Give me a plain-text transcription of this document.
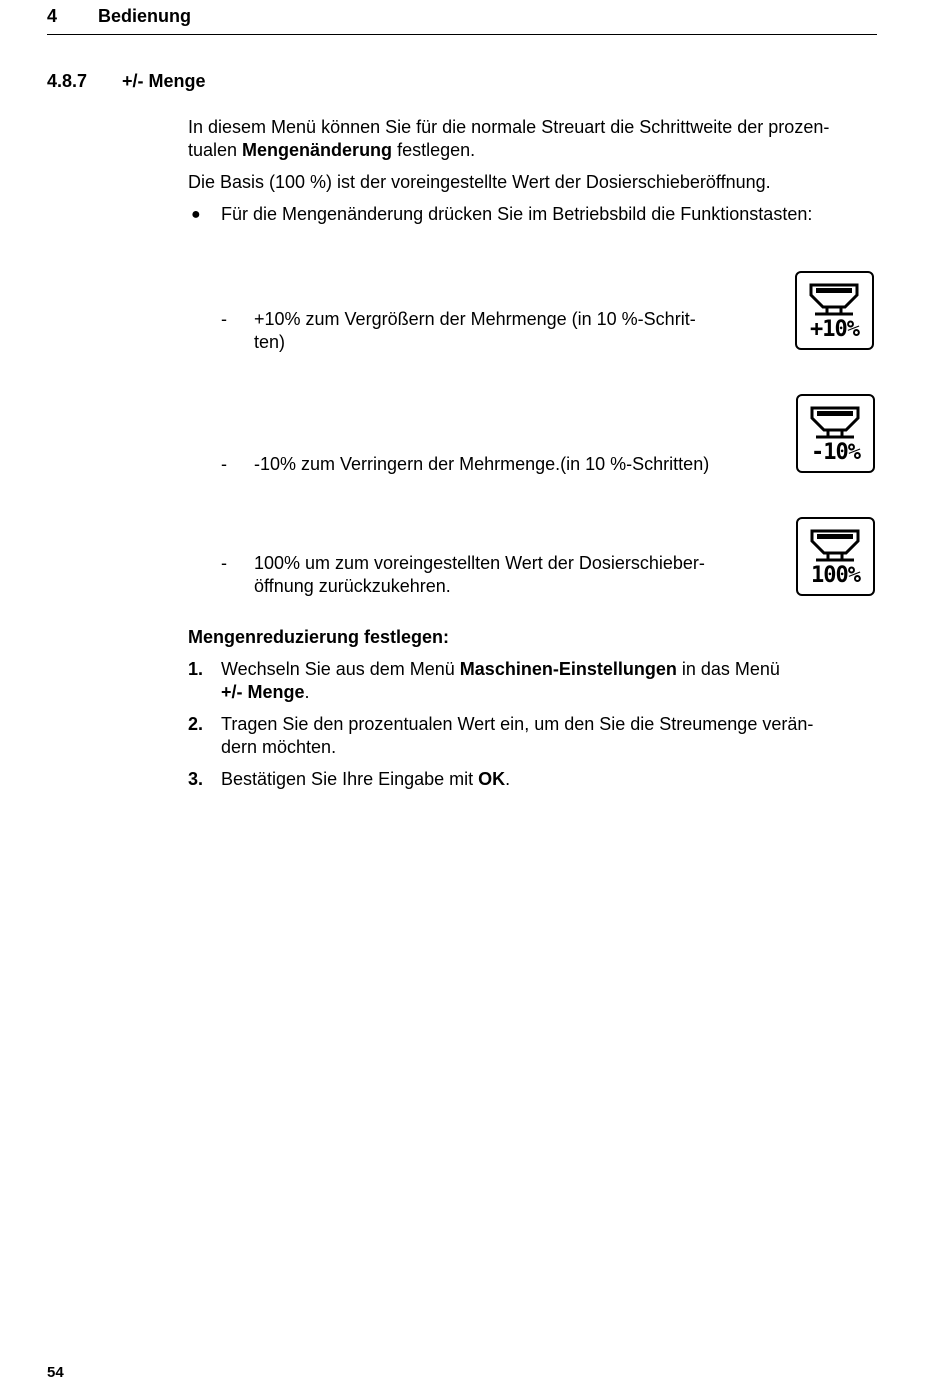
4 Bedienung
4.8.7 +/- Menge
In diesem Menü können Sie für die normale Streuart die Schrittweite der prozen-
tualen Mengenänderung festlegen.
Die Basis (100 %) ist der voreingestellte Wert der Dosierschieberöffnung.
● Für die Mengenänderung drücken Sie im Betriebsbild die Funktionstasten:
- +10% zum Vergrößern der Mehrmenge (in 10 %-Schrit-
ten)	+10%
- -10% zum Verringern der Mehrmenge.(in 10 %-Schritten)	-10%
- 100% um zum voreingestellten Wert der Dosierschieber-
öffnung zurückzukehren.	100%
Mengenreduzierung festlegen:
1. Wechseln Sie aus dem Menü Maschinen-Einstellungen in das Menü
+/- Menge.
2. Tragen Sie den prozentualen Wert ein, um den Sie die Streumenge verän-
dern möchten.
3. Bestätigen Sie Ihre Eingabe mit OK.
54
